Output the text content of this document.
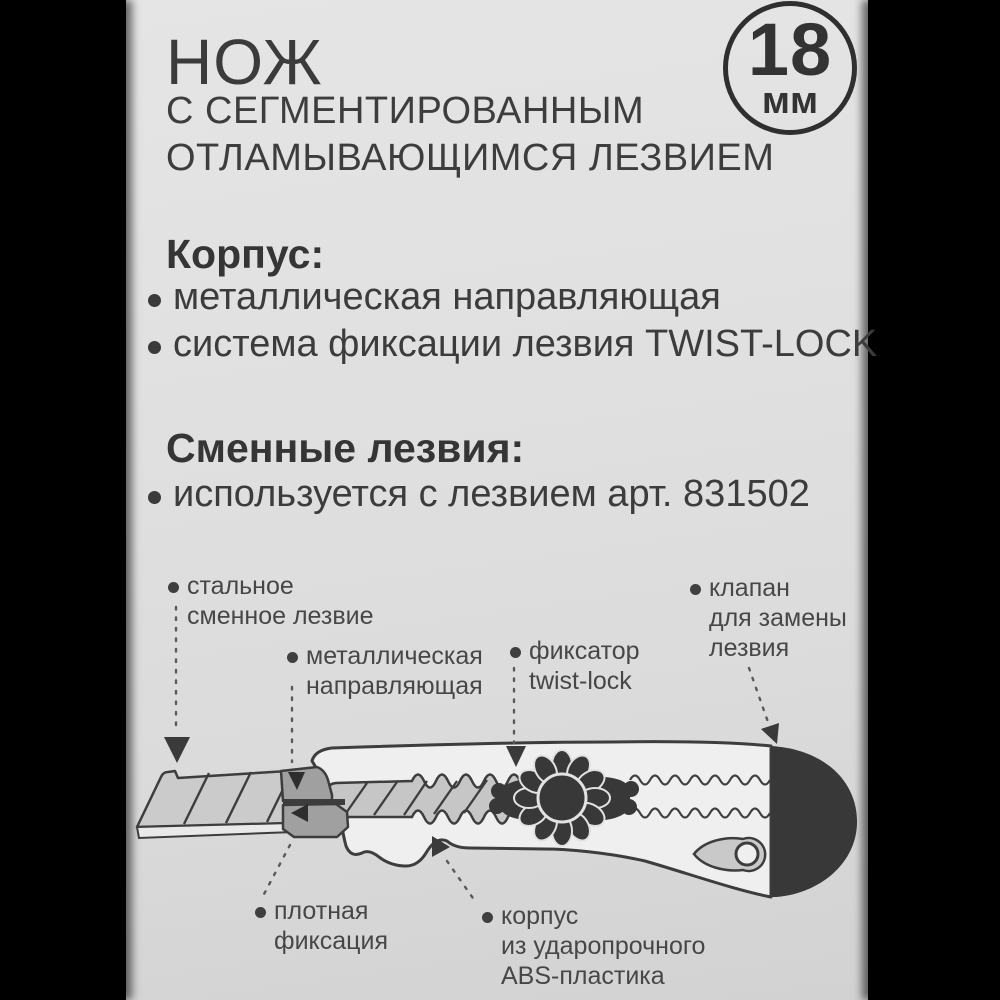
НОЖ
С СЕГМЕНТИРОВАННЫМ
ОТЛАМЫВАЮЩИМСЯ ЛЕЗВИЕМ
18
мм
Корпус:
металлическая направляющая
система фиксации лезвия TWIST-LOCK
Сменные лезвия:
используется с лезвием арт. 831502
стальное
сменное лезвие
металлическая
направляющая
фиксатор
twist-lock
клапан
для замены
лезвия
плотная
фиксация
корпус
из ударопрочного
ABS-пластика
